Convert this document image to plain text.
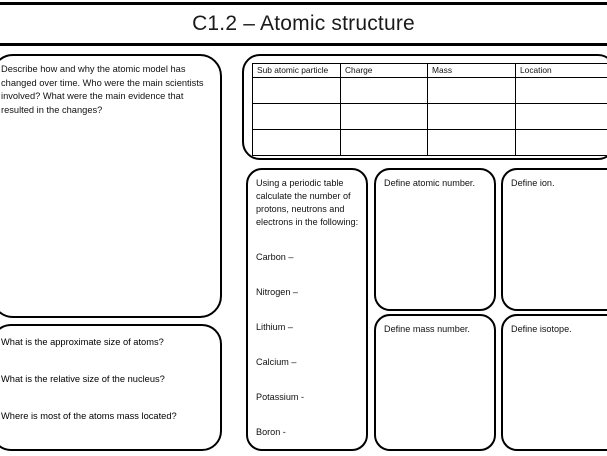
C1.2 – Atomic structure
Describe how and why the atomic model has changed over time. Who were the main scientists involved? What were the main evidence that resulted in the changes?
What is the approximate size of atoms?
What is the relative size of the nucleus?
Where is most of the atoms mass located?
Sub atomic particle	Charge	Mass	Location

Using a periodic table calculate the number of protons, neutrons and electrons in the following:
Carbon –
Nitrogen –
Lithium –
Calcium –
Potassium -
Boron -
Define atomic number.	Define ion.
Define mass number.	Define isotope.
